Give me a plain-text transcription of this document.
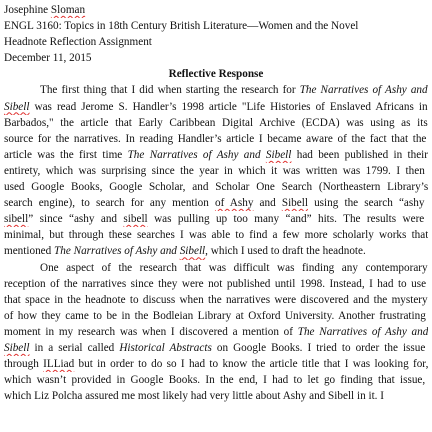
Josephine Sloman
ENGL 3160: Topics in 18th Century British Literature—Women and the Novel
Headnote Reflection Assignment
December 11, 2015
Reflective Response
The first thing that I did when starting the research for The Narratives of Ashy and
Sibell was read Jerome S. Handler’s 1998 article "Life Histories of Enslaved Africans in
Barbados," the article that Early Caribbean Digital Archive (ECDA) was using as its
source for the narratives. In reading Handler’s article I became aware of the fact that the
article was the first time The Narratives of Ashy and Sibell had been published in their
entirety, which was surprising since the year in which it was written was 1799. I then
used Google Books, Google Scholar, and Scholar One Search (Northeastern Library’s
search engine), to search for any mention of Ashy and Sibell using the search “ashy
sibell” since “ashy and sibell was pulling up too many “and” hits. The results were
minimal, but through these searches I was able to find a few more scholarly works that
mentioned The Narratives of Ashy and Sibell, which I used to draft the headnote.
One aspect of the research that was difficult was finding any contemporary
reception of the narratives since they were not published until 1998. Instead, I had to use
that space in the headnote to discuss when the narratives were discovered and the mystery
of how they came to be in the Bodleian Library at Oxford University. Another frustrating
moment in my research was when I discovered a mention of The Narratives of Ashy and
Sibell in a serial called Historical Abstracts on Google Books. I tried to order the issue
through ILLiad but in order to do so I had to know the article title that I was looking for,
which wasn’t provided in Google Books. In the end, I had to let go finding that issue,
which Liz Polcha assured me most likely had very little about Ashy and Sibell in it. I
